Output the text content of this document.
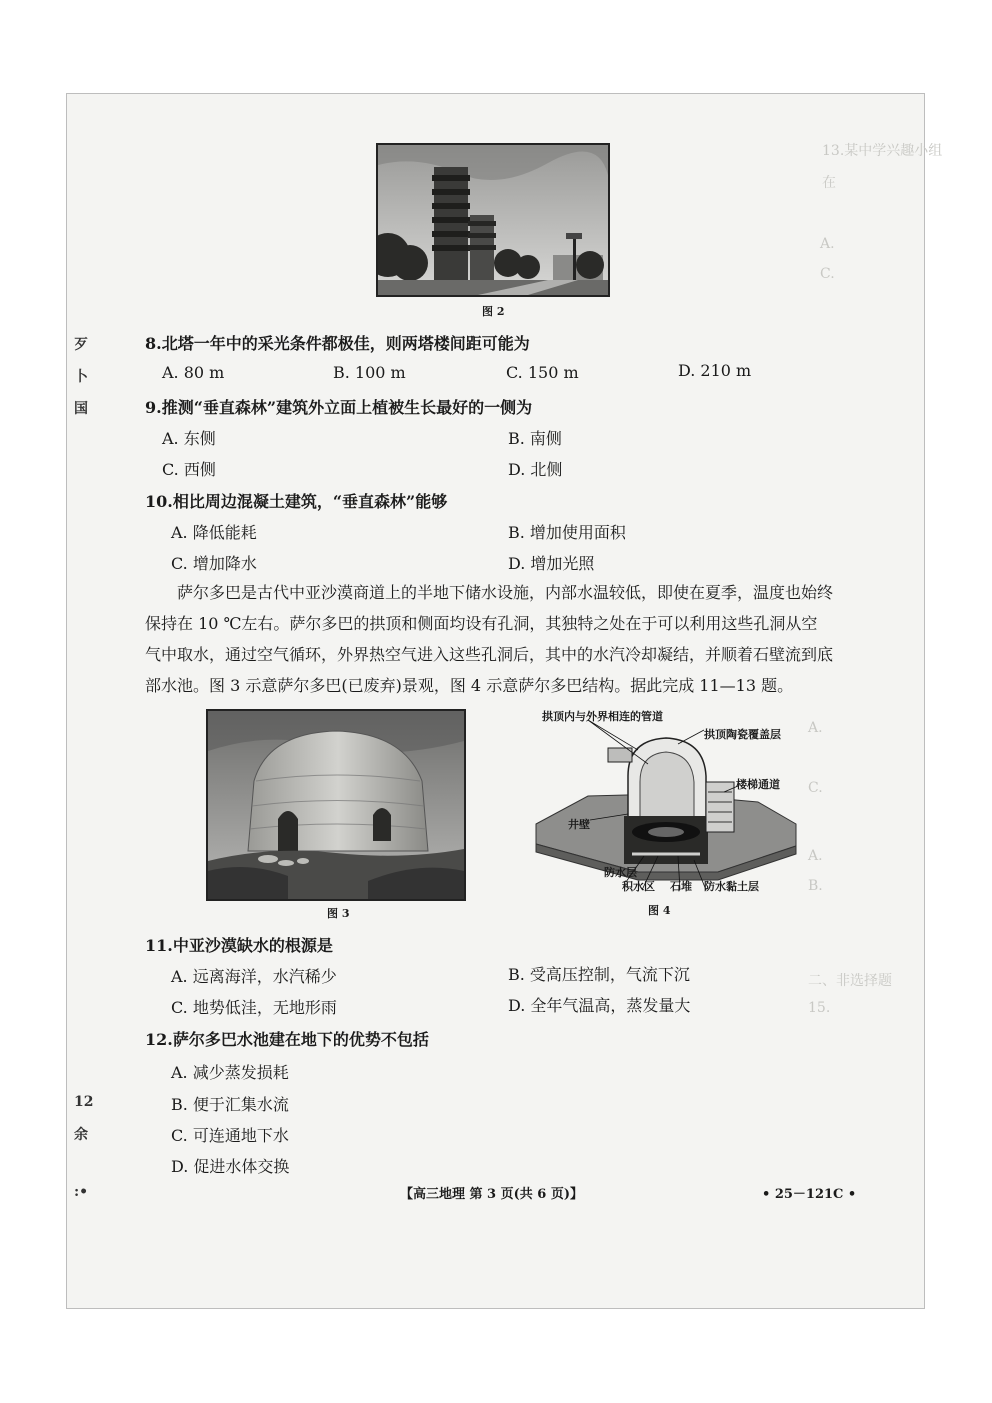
13.某中学兴趣小组
在
A.
C.
A.
C.
A.
B.
二、非选择题
15.
图 2
歹
卜
国
12
余
:•
8.北塔一年中的采光条件都极佳，则两塔楼间距可能为
A. 80 m	B. 100 m	C. 150 m	D. 210 m
9.推测“垂直森林”建筑外立面上植被生长最好的一侧为
A. 东侧	B. 南侧
C. 西侧	D. 北侧
10.相比周边混凝土建筑，“垂直森林”能够
A. 降低能耗	B. 增加使用面积
C. 增加降水	D. 增加光照
萨尔多巴是古代中亚沙漠商道上的半地下储水设施，内部水温较低，即使在夏季，温度也始终
保持在 10 ℃左右。萨尔多巴的拱顶和侧面均设有孔洞，其独特之处在于可以利用这些孔洞从空
气中取水，通过空气循环，外界热空气进入这些孔洞后，其中的水汽冷却凝结，并顺着石壁流到底
部水池。图 3 示意萨尔多巴(已废弃)景观，图 4 示意萨尔多巴结构。据此完成 11—13 题。
图 3
拱顶内与外界相连的管道
拱顶陶瓷覆盖层
楼梯通道
井壁
防水层
积水区 石堆 防水黏土层
图 4
11.中亚沙漠缺水的根源是
A. 远离海洋，水汽稀少	B. 受高压控制，气流下沉
C. 地势低洼，无地形雨	D. 全年气温高，蒸发量大
12.萨尔多巴水池建在地下的优势不包括
A. 减少蒸发损耗
B. 便于汇集水流
C. 可连通地下水
D. 促进水体交换
【高三地理 第 3 页(共 6 页)】	• 25－121C •
